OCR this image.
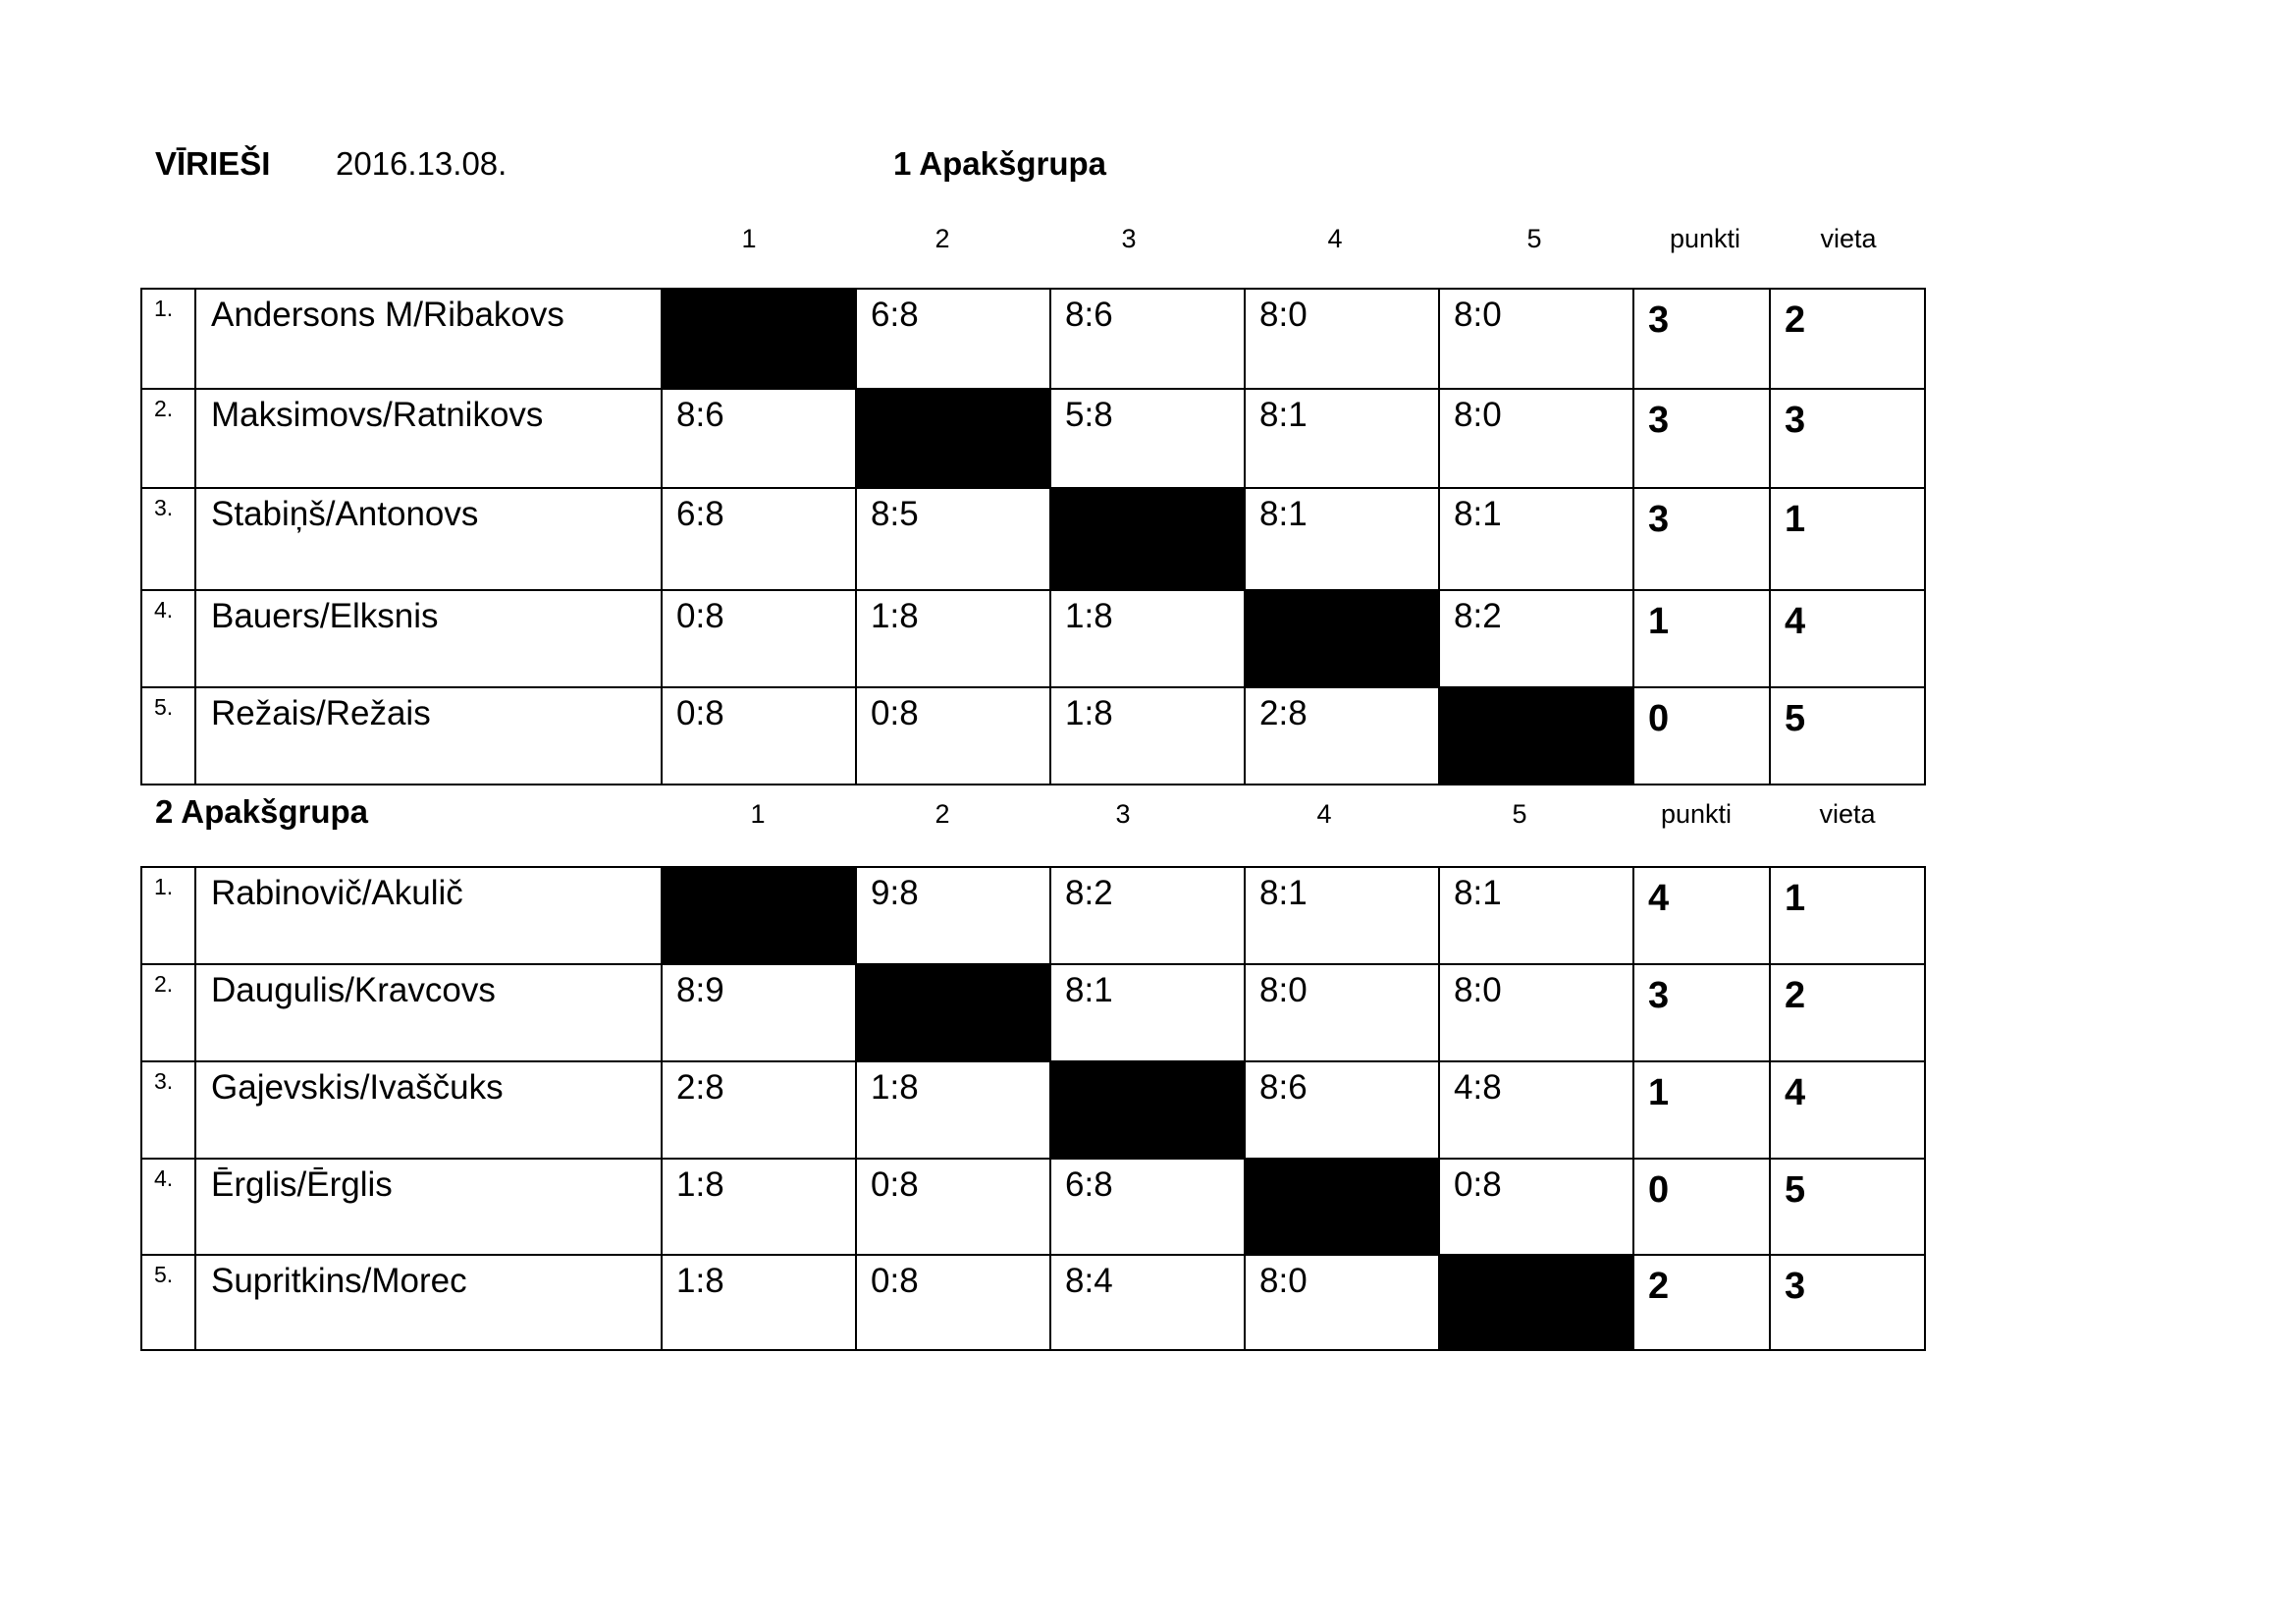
VĪRIEŠI 2016.13.08.	1 Apakšgrupa
1	2	3	4	5	punkti	vieta
1.	Andersons M/Ribakovs		6:8	8:6	8:0	8:0	3	2
2.	Maksimovs/Ratnikovs	8:6		5:8	8:1	8:0	3	3
3.	Stabiņš/Antonovs	6:8	8:5		8:1	8:1	3	1
4.	Bauers/Elksnis	0:8	1:8	1:8		8:2	1	4
5.	Režais/Režais	0:8	0:8	1:8	2:8		0	5
2 Apakšgrupa	1	2	3	4	5	punkti	vieta
1.	Rabinovič/Akulič		9:8	8:2	8:1	8:1	4	1
2.	Daugulis/Kravcovs	8:9		8:1	8:0	8:0	3	2
3.	Gajevskis/Ivaščuks	2:8	1:8		8:6	4:8	1	4
4.	Ērglis/Ērglis	1:8	0:8	6:8		0:8	0	5
5.	Supritkins/Morec	1:8	0:8	8:4	8:0		2	3
